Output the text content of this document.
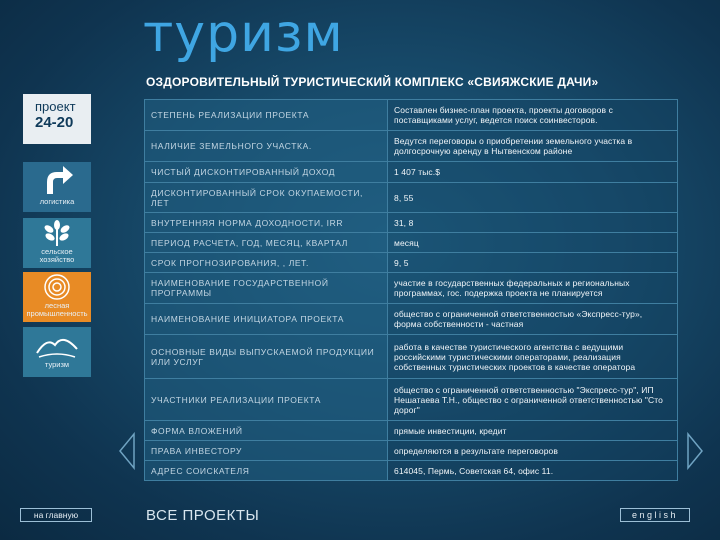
туризм
ОЗДОРОВИТЕЛЬНЫЙ ТУРИСТИЧЕСКИЙ КОМПЛЕКС «СВИЯЖСКИЕ ДАЧИ»
проект
24-20
логистика
сельское хозяйство
лесная промышленность
туризм
СТЕПЕНЬ РЕАЛИЗАЦИИ ПРОЕКТА	Составлен бизнес-план проекта, проекты договоров с поставщиками услуг, ведется поиск соинвесторов.
НАЛИЧИЕ ЗЕМЕЛЬНОГО УЧАСТКА.	Ведутся переговоры о приобретении земельного участка в долгосрочную аренду в Нытвенском районе
ЧИСТЫЙ ДИСКОНТИРОВАННЫЙ ДОХОД	1 407 тыс.$
ДИСКОНТИРОВАННЫЙ СРОК ОКУПАЕМОСТИ, ЛЕТ	8, 55
ВНУТРЕННЯЯ НОРМА ДОХОДНОСТИ, IRR	31, 8
ПЕРИОД РАСЧЕТА, ГОД, МЕСЯЦ, КВАРТАЛ	месяц
СРОК ПРОГНОЗИРОВАНИЯ, , ЛЕТ.	9, 5
НАИМЕНОВАНИЕ ГОСУДАРСТВЕННОЙ ПРОГРАММЫ	участие в государственных федеральных и региональных программах, гос. подержка проекта не планируется
НАИМЕНОВАНИЕ ИНИЦИАТОРА ПРОЕКТА	общество с ограниченной ответственностью «Экспресс-тур», форма собственности - частная
ОСНОВНЫЕ ВИДЫ ВЫПУСКАЕМОЙ ПРОДУКЦИИ ИЛИ УСЛУГ	работа в качестве туристического агентства с ведущими российскими туристическими операторами, реализация собственных туристических проектов в качестве оператора
УЧАСТНИКИ РЕАЛИЗАЦИИ ПРОЕКТА	общество с ограниченной ответственностью "Экспресс-тур", ИП Нешатаева Т.Н., общество с ограниченной ответственностью "Сто дорог"
ФОРМА ВЛОЖЕНИЙ	прямые инвестиции, кредит
ПРАВА ИНВЕСТОРУ	определяются в результате переговоров
АДРЕС СОИСКАТЕЛЯ	614045, Пермь, Советская 64, офис 11.
на главную	ВСЕ ПРОЕКТЫ	english
